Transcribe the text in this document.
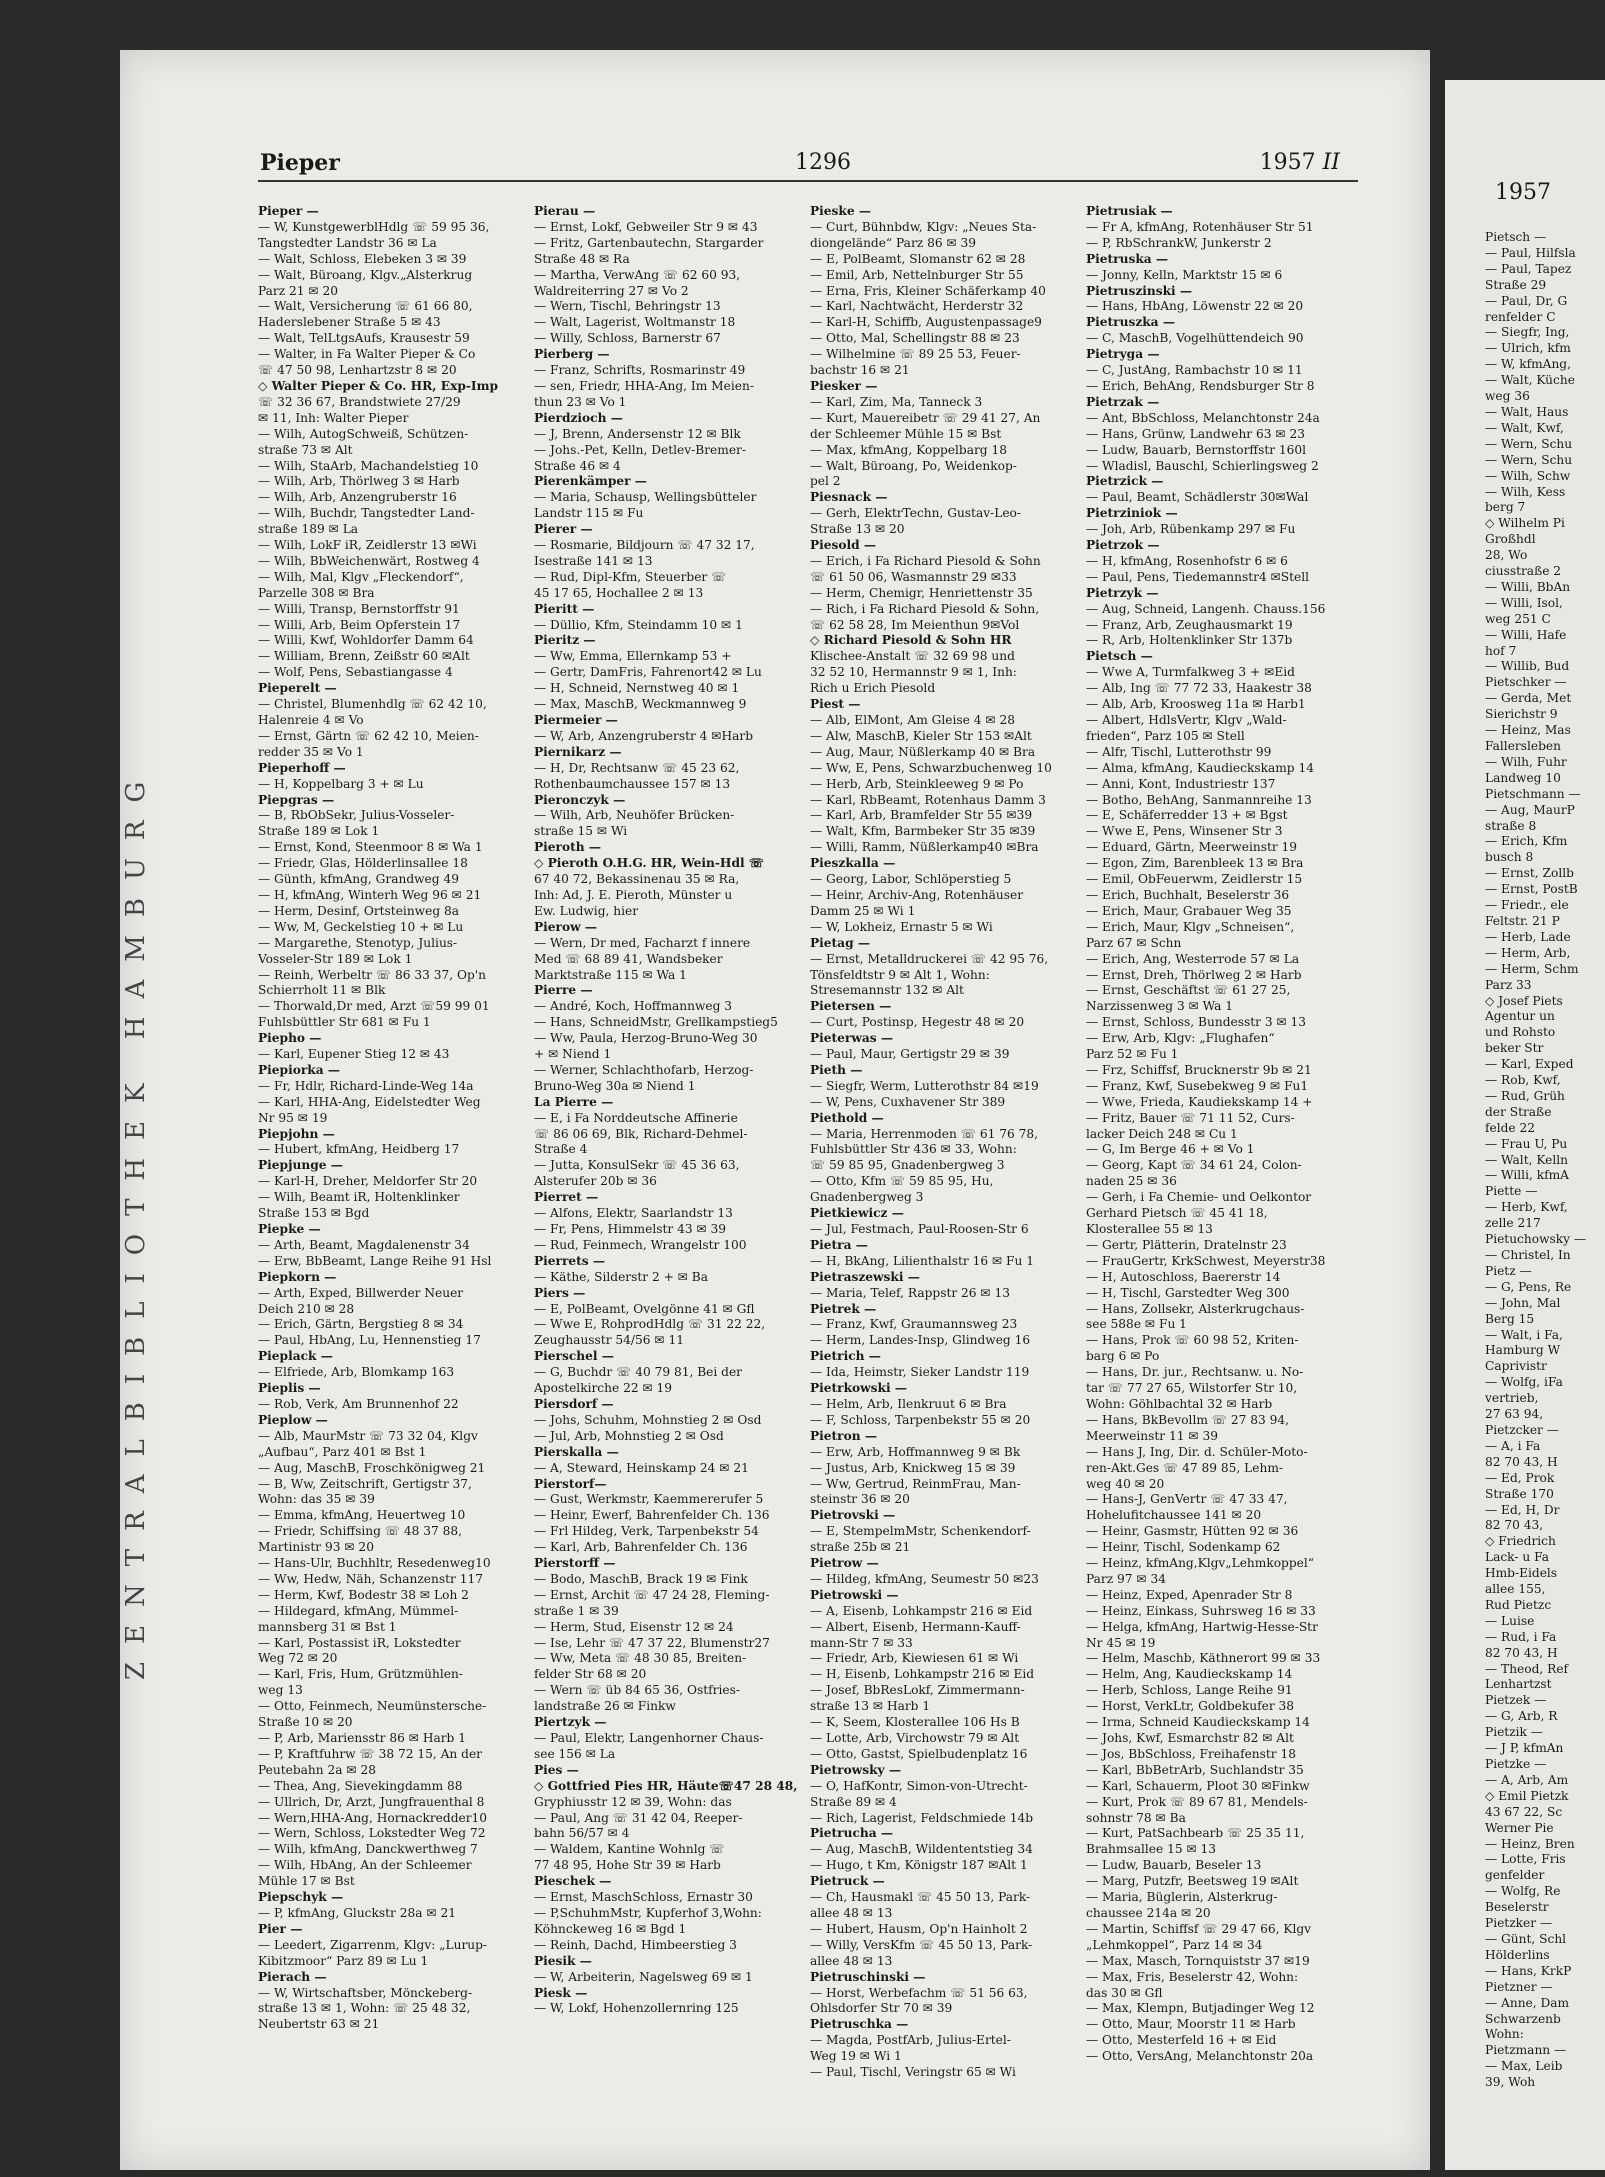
Pieper	1296	1957 II
Pieper —
— W, KunstgewerblHdlg ☏ 59 95 36,
Tangstedter Landstr 36 ✉ La
— Walt, Schloss, Elebeken 3 ✉ 39
— Walt, Büroang, Klgv.„Alsterkrug
Parz 21 ✉ 20
— Walt, Versicherung ☏ 61 66 80,
Haderslebener Straße 5 ✉ 43
— Walt, TelLtgsAufs, Krausestr 59
— Walter, in Fa Walter Pieper & Co
☏ 47 50 98, Lenhartzstr 8 ✉ 20
◇ Walter Pieper & Co. HR, Exp-Imp
☏ 32 36 67, Brandstwiete 27/29
✉ 11, Inh: Walter Pieper
— Wilh, AutogSchweiß, Schützen-
straße 73 ✉ Alt
— Wilh, StaArb, Machandelstieg 10
— Wilh, Arb, Thörlweg 3 ✉ Harb
— Wilh, Arb, Anzengruberstr 16
— Wilh, Buchdr, Tangstedter Land-
straße 189 ✉ La
— Wilh, LokF iR, Zeidlerstr 13 ✉Wi
— Wilh, BbWeichenwärt, Rostweg 4
— Wilh, Mal, Klgv „Fleckendorf“,
Parzelle 308 ✉ Bra
— Willi, Transp, Bernstorffstr 91
— Willi, Arb, Beim Opferstein 17
— Willi, Kwf, Wohldorfer Damm 64
— William, Brenn, Zeißstr 60 ✉Alt
— Wolf, Pens, Sebastiangasse 4
Pieperelt —
— Christel, Blumenhdlg ☏ 62 42 10,
Halenreie 4 ✉ Vo
— Ernst, Gärtn ☏ 62 42 10, Meien-
redder 35 ✉ Vo 1
Pieperhoff —
— H, Koppelbarg 3 + ✉ Lu
Piepgras —
— B, RbObSekr, Julius-Vosseler-
Straße 189 ✉ Lok 1
— Ernst, Kond, Steenmoor 8 ✉ Wa 1
— Friedr, Glas, Hölderlinsallee 18
— Günth, kfmAng, Grandweg 49
— H, kfmAng, Winterh Weg 96 ✉ 21
— Herm, Desinf, Ortsteinweg 8a
— Ww, M, Geckelstieg 10 + ✉ Lu
— Margarethe, Stenotyp, Julius-
Vosseler-Str 189 ✉ Lok 1
— Reinh, Werbeltr ☏ 86 33 37, Op'n
Schierrholt 11 ✉ Blk
— Thorwald,Dr med, Arzt ☏59 99 01
Fuhlsbüttler Str 681 ✉ Fu 1
Piepho —
— Karl, Eupener Stieg 12 ✉ 43
Piepiorka —
— Fr, Hdlr, Richard-Linde-Weg 14a
— Karl, HHA-Ang, Eidelstedter Weg
Nr 95 ✉ 19
Piepjohn —
— Hubert, kfmAng, Heidberg 17
Piepjunge —
— Karl-H, Dreher, Meldorfer Str 20
— Wilh, Beamt iR, Holtenklinker
Straße 153 ✉ Bgd
Piepke —
— Arth, Beamt, Magdalenenstr 34
— Erw, BbBeamt, Lange Reihe 91 Hsl
Piepkorn —
— Arth, Exped, Billwerder Neuer
Deich 210 ✉ 28
— Erich, Gärtn, Bergstieg 8 ✉ 34
— Paul, HbAng, Lu, Hennenstieg 17
Pieplack —
— Elfriede, Arb, Blomkamp 163
Pieplis —
— Rob, Verk, Am Brunnenhof 22
Pieplow —
— Alb, MaurMstr ☏ 73 32 04, Klgv
„Aufbau“, Parz 401 ✉ Bst 1
— Aug, MaschB, Froschkönigweg 21
— B, Ww, Zeitschrift, Gertigstr 37,
Wohn: das 35 ✉ 39
— Emma, kfmAng, Heuertweg 10
— Friedr, Schiffsing ☏ 48 37 88,
Martinistr 93 ✉ 20
— Hans-Ulr, Buchhltr, Resedenweg10
— Ww, Hedw, Näh, Schanzenstr 117
— Herm, Kwf, Bodestr 38 ✉ Loh 2
— Hildegard, kfmAng, Mümmel-
mannsberg 31 ✉ Bst 1
— Karl, Postassist iR, Lokstedter
Weg 72 ✉ 20
— Karl, Fris, Hum, Grützmühlen-
weg 13
— Otto, Feinmech, Neumünstersche-
Straße 10 ✉ 20
— P, Arb, Mariensstr 86 ✉ Harb 1
— P, Kraftfuhrw ☏ 38 72 15, An der
Peutebahn 2a ✉ 28
— Thea, Ang, Sievekingdamm 88
— Ullrich, Dr, Arzt, Jungfrauenthal 8
— Wern,HHA-Ang, Hornackredder10
— Wern, Schloss, Lokstedter Weg 72
— Wilh, kfmAng, Danckwerthweg 7
— Wilh, HbAng, An der Schleemer
Mühle 17 ✉ Bst
Piepschyk —
— P, kfmAng, Gluckstr 28a ✉ 21
Pier —
— Leedert, Zigarrenm, Klgv: „Lurup-
Kibitzmoor“ Parz 89 ✉ Lu 1
Pierach —
— W, Wirtschaftsber, Mönckeberg-
straße 13 ✉ 1, Wohn: ☏ 25 48 32,
Neubertstr 63 ✉ 21
Pierau —
— Ernst, Lokf, Gebweiler Str 9 ✉ 43
— Fritz, Gartenbautechn, Stargarder
Straße 48 ✉ Ra
— Martha, VerwAng ☏ 62 60 93,
Waldreiterring 27 ✉ Vo 2
— Wern, Tischl, Behringstr 13
— Walt, Lagerist, Woltmanstr 18
— Willy, Schloss, Barnerstr 67
Pierberg —
— Franz, Schrifts, Rosmarinstr 49
— sen, Friedr, HHA-Ang, Im Meien-
thun 23 ✉ Vo 1
Pierdzioch —
— J, Brenn, Andersenstr 12 ✉ Blk
— Johs.-Pet, Kelln, Detlev-Bremer-
Straße 46 ✉ 4
Pierenkämper —
— Maria, Schausp, Wellingsbütteler
Landstr 115 ✉ Fu
Pierer —
— Rosmarie, Bildjourn ☏ 47 32 17,
Isestraße 141 ✉ 13
— Rud, Dipl-Kfm, Steuerber ☏
45 17 65, Hochallee 2 ✉ 13
Pieritt —
— Düllio, Kfm, Steindamm 10 ✉ 1
Pieritz —
— Ww, Emma, Ellernkamp 53 +
— Gertr, DamFris, Fahrenort42 ✉ Lu
— H, Schneid, Nernstweg 40 ✉ 1
— Max, MaschB, Weckmannweg 9
Piermeier —
— W, Arb, Anzengruberstr 4 ✉Harb
Piernikarz —
— H, Dr, Rechtsanw ☏ 45 23 62,
Rothenbaumchaussee 157 ✉ 13
Pieronczyk —
— Wilh, Arb, Neuhöfer Brücken-
straße 15 ✉ Wi
Pieroth —
◇ Pieroth O.H.G. HR, Wein-Hdl ☏
67 40 72, Bekassinenau 35 ✉ Ra,
Inh: Ad, J. E. Pieroth, Münster u
Ew. Ludwig, hier
Pierow —
— Wern, Dr med, Facharzt f innere
Med ☏ 68 89 41, Wandsbeker
Marktstraße 115 ✉ Wa 1
Pierre —
— André, Koch, Hoffmannweg 3
— Hans, SchneidMstr, Grellkampstieg5
— Ww, Paula, Herzog-Bruno-Weg 30
+ ✉ Niend 1
— Werner, Schlachthofarb, Herzog-
Bruno-Weg 30a ✉ Niend 1
La Pierre —
— E, i Fa Norddeutsche Affinerie
☏ 86 06 69, Blk, Richard-Dehmel-
Straße 4
— Jutta, KonsulSekr ☏ 45 36 63,
Alsterufer 20b ✉ 36
Pierret —
— Alfons, Elektr, Saarlandstr 13
— Fr, Pens, Himmelstr 43 ✉ 39
— Rud, Feinmech, Wrangelstr 100
Pierrets —
— Käthe, Silderstr 2 + ✉ Ba
Piers —
— E, PolBeamt, Ovelgönne 41 ✉ Gfl
— Wwe E, RohprodHdlg ☏ 31 22 22,
Zeughausstr 54/56 ✉ 11
Pierschel —
— G, Buchdr ☏ 40 79 81, Bei der
Apostelkirche 22 ✉ 19
Piersdorf —
— Johs, Schuhm, Mohnstieg 2 ✉ Osd
— Jul, Arb, Mohnstieg 2 ✉ Osd
Pierskalla —
— A, Steward, Heinskamp 24 ✉ 21
Pierstorf—
— Gust, Werkmstr, Kaemmererufer 5
— Heinr, Ewerf, Bahrenfelder Ch. 136
— Frl Hildeg, Verk, Tarpenbekstr 54
— Karl, Arb, Bahrenfelder Ch. 136
Pierstorff —
— Bodo, MaschB, Brack 19 ✉ Fink
— Ernst, Archit ☏ 47 24 28, Fleming-
straße 1 ✉ 39
— Herm, Stud, Eisenstr 12 ✉ 24
— Ise, Lehr ☏ 47 37 22, Blumenstr27
— Ww, Meta ☏ 48 30 85, Breiten-
felder Str 68 ✉ 20
— Wern ☏ üb 84 65 36, Ostfries-
landstraße 26 ✉ Finkw
Piertzyk —
— Paul, Elektr, Langenhorner Chaus-
see 156 ✉ La
Pies —
◇ Gottfried Pies HR, Häute☏47 28 48,
Gryphiusstr 12 ✉ 39, Wohn: das
— Paul, Ang ☏ 31 42 04, Reeper-
bahn 56/57 ✉ 4
— Waldem, Kantine Wohnlg ☏
77 48 95, Hohe Str 39 ✉ Harb
Pieschek —
— Ernst, MaschSchloss, Ernastr 30
— P,SchuhmMstr, Kupferhof 3,Wohn:
Köhnckeweg 16 ✉ Bgd 1
— Reinh, Dachd, Himbeerstieg 3
Piesik —
— W, Arbeiterin, Nagelsweg 69 ✉ 1
Piesk —
— W, Lokf, Hohenzollernring 125
Pieske —
— Curt, Bühnbdw, Klgv: „Neues Sta-
diongelände“ Parz 86 ✉ 39
— E, PolBeamt, Slomanstr 62 ✉ 28
— Emil, Arb, Nettelnburger Str 55
— Erna, Fris, Kleiner Schäferkamp 40
— Karl, Nachtwächt, Herderstr 32
— Karl-H, Schiffb, Augustenpassage9
— Otto, Mal, Schellingstr 88 ✉ 23
— Wilhelmine ☏ 89 25 53, Feuer-
bachstr 16 ✉ 21
Piesker —
— Karl, Zim, Ma, Tanneck 3
— Kurt, Mauereibetr ☏ 29 41 27, An
der Schleemer Mühle 15 ✉ Bst
— Max, kfmAng, Koppelbarg 18
— Walt, Büroang, Po, Weidenkop-
pel 2
Piesnack —
— Gerh, ElektrTechn, Gustav-Leo-
Straße 13 ✉ 20
Piesold —
— Erich, i Fa Richard Piesold & Sohn
☏ 61 50 06, Wasmannstr 29 ✉33
— Herm, Chemigr, Henriettenstr 35
— Rich, i Fa Richard Piesold & Sohn,
☏ 62 58 28, Im Meienthun 9✉Vol
◇ Richard Piesold & Sohn HR
Klischee-Anstalt ☏ 32 69 98 und
32 52 10, Hermannstr 9 ✉ 1, Inh:
Rich u Erich Piesold
Piest —
— Alb, ElMont, Am Gleise 4 ✉ 28
— Alw, MaschB, Kieler Str 153 ✉Alt
— Aug, Maur, Nüßlerkamp 40 ✉ Bra
— Ww, E, Pens, Schwarzbuchenweg 10
— Herb, Arb, Steinkleeweg 9 ✉ Po
— Karl, RbBeamt, Rotenhaus Damm 3
— Karl, Arb, Bramfelder Str 55 ✉39
— Walt, Kfm, Barmbeker Str 35 ✉39
— Willi, Ramm, Nüßlerkamp40 ✉Bra
Pieszkalla —
— Georg, Labor, Schlöperstieg 5
— Heinr, Archiv-Ang, Rotenhäuser
Damm 25 ✉ Wi 1
— W, Lokheiz, Ernastr 5 ✉ Wi
Pietag —
— Ernst, Metalldruckerei ☏ 42 95 76,
Tönsfeldtstr 9 ✉ Alt 1, Wohn:
Stresemannstr 132 ✉ Alt
Pietersen —
— Curt, Postinsp, Hegestr 48 ✉ 20
Pieterwas —
— Paul, Maur, Gertigstr 29 ✉ 39
Pieth —
— Siegfr, Werm, Lutterothstr 84 ✉19
— W, Pens, Cuxhavener Str 389
Piethold —
— Maria, Herrenmoden ☏ 61 76 78,
Fuhlsbüttler Str 436 ✉ 33, Wohn:
☏ 59 85 95, Gnadenbergweg 3
— Otto, Kfm ☏ 59 85 95, Hu,
Gnadenbergweg 3
Pietkiewicz —
— Jul, Festmach, Paul-Roosen-Str 6
Pietra —
— H, BkAng, Lilienthalstr 16 ✉ Fu 1
Pietraszewski —
— Maria, Telef, Rappstr 26 ✉ 13
Pietrek —
— Franz, Kwf, Graumannsweg 23
— Herm, Landes-Insp, Glindweg 16
Pietrich —
— Ida, Heimstr, Sieker Landstr 119
Pietrkowski —
— Helm, Arb, Ilenkruut 6 ✉ Bra
— F, Schloss, Tarpenbekstr 55 ✉ 20
Pietron —
— Erw, Arb, Hoffmannweg 9 ✉ Bk
— Justus, Arb, Knickweg 15 ✉ 39
— Ww, Gertrud, ReinmFrau, Man-
steinstr 36 ✉ 20
Pietrovski —
— E, StempelmMstr, Schenkendorf-
straße 25b ✉ 21
Pietrow —
— Hildeg, kfmAng, Seumestr 50 ✉23
Pietrowski —
— A, Eisenb, Lohkampstr 216 ✉ Eid
— Albert, Eisenb, Hermann-Kauff-
mann-Str 7 ✉ 33
— Friedr, Arb, Kiewiesen 61 ✉ Wi
— H, Eisenb, Lohkampstr 216 ✉ Eid
— Josef, BbResLokf, Zimmermann-
straße 13 ✉ Harb 1
— K, Seem, Klosterallee 106 Hs B
— Lotte, Arb, Virchowstr 79 ✉ Alt
— Otto, Gastst, Spielbudenplatz 16
Pietrowsky —
— O, HafKontr, Simon-von-Utrecht-
Straße 89 ✉ 4
— Rich, Lagerist, Feldschmiede 14b
Pietrucha —
— Aug, MaschB, Wildententstieg 34
— Hugo, t Km, Königstr 187 ✉Alt 1
Pietruck —
— Ch, Hausmakl ☏ 45 50 13, Park-
allee 48 ✉ 13
— Hubert, Hausm, Op'n Hainholt 2
— Willy, VersKfm ☏ 45 50 13, Park-
allee 48 ✉ 13
Pietruschinski —
— Horst, Werbefachm ☏ 51 56 63,
Ohlsdorfer Str 70 ✉ 39
Pietruschka —
— Magda, PostfArb, Julius-Ertel-
Weg 19 ✉ Wi 1
— Paul, Tischl, Veringstr 65 ✉ Wi
Pietrusiak —
— Fr A, kfmAng, Rotenhäuser Str 51
— P, RbSchrankW, Junkerstr 2
Pietruska —
— Jonny, Kelln, Marktstr 15 ✉ 6
Pietruszinski —
— Hans, HbAng, Löwenstr 22 ✉ 20
Pietruszka —
— C, MaschB, Vogelhüttendeich 90
Pietryga —
— C, JustAng, Rambachstr 10 ✉ 11
— Erich, BehAng, Rendsburger Str 8
Pietrzak —
— Ant, BbSchloss, Melanchtonstr 24a
— Hans, Grünw, Landwehr 63 ✉ 23
— Ludw, Bauarb, Bernstorffstr 160l
— Wladisl, Bauschl, Schierlingsweg 2
Pietrzick —
— Paul, Beamt, Schädlerstr 30✉Wal
Pietrziniok —
— Joh, Arb, Rübenkamp 297 ✉ Fu
Pietrzok —
— H, kfmAng, Rosenhofstr 6 ✉ 6
— Paul, Pens, Tiedemannstr4 ✉Stell
Pietrzyk —
— Aug, Schneid, Langenh. Chauss.156
— Franz, Arb, Zeughausmarkt 19
— R, Arb, Holtenklinker Str 137b
Pietsch —
— Wwe A, Turmfalkweg 3 + ✉Eid
— Alb, Ing ☏ 77 72 33, Haakestr 38
— Alb, Arb, Kroosweg 11a ✉ Harb1
— Albert, HdlsVertr, Klgv „Wald-
frieden“, Parz 105 ✉ Stell
— Alfr, Tischl, Lutterothstr 99
— Alma, kfmAng, Kaudieckskamp 14
— Anni, Kont, Industriestr 137
— Botho, BehAng, Sanmannreihe 13
— E, Schäferredder 13 + ✉ Bgst
— Wwe E, Pens, Winsener Str 3
— Eduard, Gärtn, Meerweinstr 19
— Egon, Zim, Barenbleek 13 ✉ Bra
— Emil, ObFeuerwm, Zeidlerstr 15
— Erich, Buchhalt, Beselerstr 36
— Erich, Maur, Grabauer Weg 35
— Erich, Maur, Klgv „Schneisen“,
Parz 67 ✉ Schn
— Erich, Ang, Westerrode 57 ✉ La
— Ernst, Dreh, Thörlweg 2 ✉ Harb
— Ernst, Geschäftst ☏ 61 27 25,
Narzissenweg 3 ✉ Wa 1
— Ernst, Schloss, Bundesstr 3 ✉ 13
— Erw, Arb, Klgv: „Flughafen“
Parz 52 ✉ Fu 1
— Frz, Schiffsf, Brucknerstr 9b ✉ 21
— Franz, Kwf, Susebekweg 9 ✉ Fu1
— Wwe, Frieda, Kaudiekskamp 14 +
— Fritz, Bauer ☏ 71 11 52, Curs-
lacker Deich 248 ✉ Cu 1
— G, Im Berge 46 + ✉ Vo 1
— Georg, Kapt ☏ 34 61 24, Colon-
naden 25 ✉ 36
— Gerh, i Fa Chemie- und Oelkontor
Gerhard Pietsch ☏ 45 41 18,
Klosterallee 55 ✉ 13
— Gertr, Plätterin, Dratelnstr 23
— FrauGertr, KrkSchwest, Meyerstr38
— H, Autoschloss, Baererstr 14
— H, Tischl, Garstedter Weg 300
— Hans, Zollsekr, Alsterkrugchaus-
see 588e ✉ Fu 1
— Hans, Prok ☏ 60 98 52, Kriten-
barg 6 ✉ Po
— Hans, Dr. jur., Rechtsanw. u. No-
tar ☏ 77 27 65, Wilstorfer Str 10,
Wohn: Göhlbachtal 32 ✉ Harb
— Hans, BkBevollm ☏ 27 83 94,
Meerweinstr 11 ✉ 39
— Hans J, Ing, Dir. d. Schüler-Moto-
ren-Akt.Ges ☏ 47 89 85, Lehm-
weg 40 ✉ 20
— Hans-J, GenVertr ☏ 47 33 47,
Hohelufitchaussee 141 ✉ 20
— Heinr, Gasmstr, Hütten 92 ✉ 36
— Heinr, Tischl, Sodenkamp 62
— Heinz, kfmAng,Klgv„Lehmkoppel“
Parz 97 ✉ 34
— Heinz, Exped, Apenrader Str 8
— Heinz, Einkass, Suhrsweg 16 ✉ 33
— Helga, kfmAng, Hartwig-Hesse-Str
Nr 45 ✉ 19
— Helm, Maschb, Käthnerort 99 ✉ 33
— Helm, Ang, Kaudieckskamp 14
— Herb, Schloss, Lange Reihe 91
— Horst, VerkLtr, Goldbekufer 38
— Irma, Schneid Kaudieckskamp 14
— Johs, Kwf, Esmarchstr 82 ✉ Alt
— Jos, BbSchloss, Freihafenstr 18
— Karl, BbBetrArb, Suchlandstr 35
— Karl, Schauerm, Ploot 30 ✉Finkw
— Kurt, Prok ☏ 89 67 81, Mendels-
sohnstr 78 ✉ Ba
— Kurt, PatSachbearb ☏ 25 35 11,
Brahmsallee 15 ✉ 13
— Ludw, Bauarb, Beseler 13
— Marg, Putzfr, Beetsweg 19 ✉Alt
— Maria, Büglerin, Alsterkrug-
chaussee 214a ✉ 20
— Martin, Schiffsf ☏ 29 47 66, Klgv
„Lehmkoppel“, Parz 14 ✉ 34
— Max, Masch, Tornquiststr 37 ✉19
— Max, Fris, Beselerstr 42, Wohn:
das 30 ✉ Gfl
— Max, Klempn, Butjadinger Weg 12
— Otto, Maur, Moorstr 11 ✉ Harb
— Otto, Mesterfeld 16 + ✉ Eid
— Otto, VersAng, Melanchtonstr 20a
1957
Pietsch —
— Paul, Hilfsla
— Paul, Tapez
Straße 29
— Paul, Dr, G
renfelder C
— Siegfr, Ing,
— Ulrich, kfm
— W, kfmAng,
— Walt, Küche
weg 36
— Walt, Haus
— Walt, Kwf,
— Wern, Schu
— Wern, Schu
— Wilh, Schw
— Wilh, Kess
berg 7
◇ Wilhelm Pi
Großhdl
28, Wo
ciusstraße 2
— Willi, BbAn
— Willi, Isol,
weg 251 C
— Willi, Hafe
hof 7
— Willib, Bud
Pietschker —
— Gerda, Met
Sierichstr 9
— Heinz, Mas
Fallersleben
— Wilh, Fuhr
Landweg 10
Pietschmann —
— Aug, MaurP
straße 8
— Erich, Kfm
busch 8
— Ernst, Zollb
— Ernst, PostB
— Friedr., ele
Feltstr. 21 P
— Herb, Lade
— Herm, Arb,
— Herm, Schm
Parz 33
◇ Josef Piets
Agentur un
und Rohsto
beker Str
— Karl, Exped
— Rob, Kwf,
— Rud, Grüh
der Straße
felde 22
— Frau U, Pu
— Walt, Kelln
— Willi, kfmA
Piette —
— Herb, Kwf,
zelle 217
Pietuchowsky —
— Christel, In
Pietz —
— G, Pens, Re
— John, Mal
Berg 15
— Walt, i Fa,
Hamburg W
Caprivistr
— Wolfg, iFa
vertrieb,
27 63 94,
Pietzcker —
— A, i Fa
82 70 43, H
— Ed, Prok
Straße 170
— Ed, H, Dr
82 70 43,
◇ Friedrich
Lack- u Fa
Hmb-Eidels
allee 155,
Rud Pietzc
— Luise
— Rud, i Fa
82 70 43, H
— Theod, Ref
Lenhartzst
Pietzek —
— G, Arb, R
Pietzik —
— J P, kfmAn
Pietzke —
— A, Arb, Am
◇ Emil Pietzk
43 67 22, Sc
Werner Pie
— Heinz, Bren
— Lotte, Fris
genfelder
— Wolfg, Re
Beselerstr
Pietzker —
— Günt, Schl
Hölderlins
— Hans, KrkP
Pietzner —
— Anne, Dam
Schwarzenb
Wohn:
Pietzmann —
— Max, Leib
39, Woh
ZENTRALBIBLIOTHEK HAMBURG
